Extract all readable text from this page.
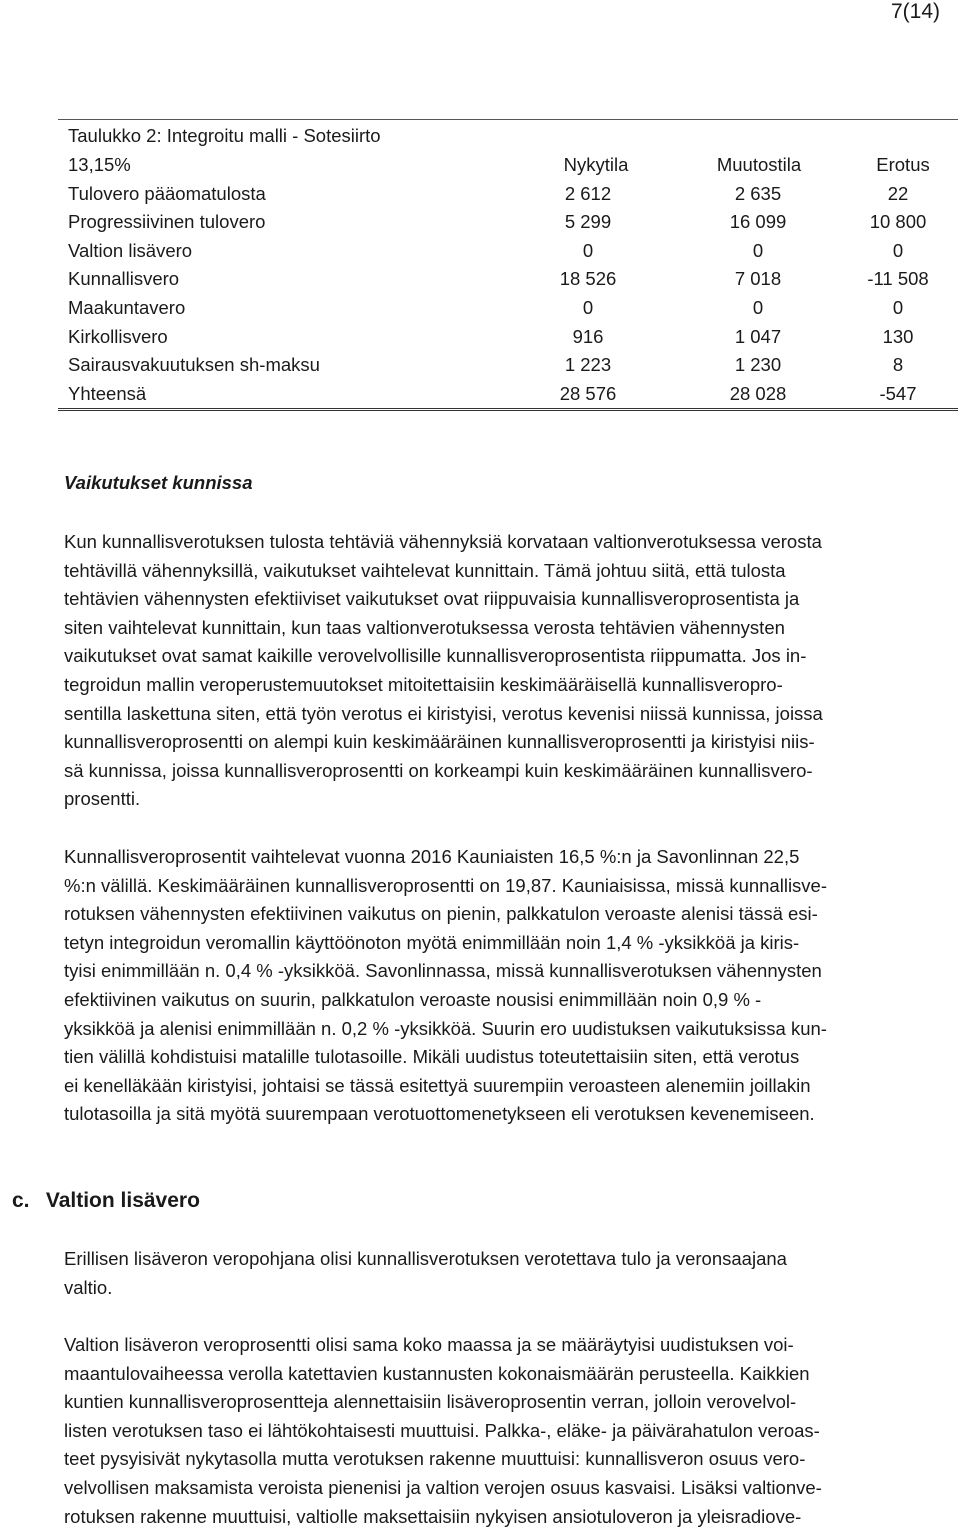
7(14)
Taulukko 2: Integroitu malli - Sotesiirto
13,15%	Nykytila	Muutostila	Erotus
Tulovero pääomatulosta	2 612	2 635	22
Progressiivinen tulovero	5 299	16 099	10 800
Valtion lisävero	0	0	0
Kunnallisvero	18 526	7 018	-11 508
Maakuntavero	0	0	0
Kirkollisvero	916	1 047	130
Sairausvakuutuksen sh-maksu	1 223	1 230	8
Yhteensä	28 576	28 028	-547
Vaikutukset kunnissa

Kun kunnallisverotuksen tulosta tehtäviä vähennyksiä korvataan valtionverotuksessa verosta
tehtävillä vähennyksillä, vaikutukset vaihtelevat kunnittain. Tämä johtuu siitä, että tulosta
tehtävien vähennysten efektiiviset vaikutukset ovat riippuvaisia kunnallisveroprosentista ja
siten vaihtelevat kunnittain, kun taas valtionverotuksessa verosta tehtävien vähennysten
vaikutukset ovat samat kaikille verovelvollisille kunnallisveroprosentista riippumatta. Jos in-
tegroidun mallin veroperustemuutokset mitoitettaisiin keskimääräisellä kunnallisveropro-
sentilla laskettuna siten, että työn verotus ei kiristyisi, verotus kevenisi niissä kunnissa, joissa
kunnallisveroprosentti on alempi kuin keskimääräinen kunnallisveroprosentti ja kiristyisi niis-
sä kunnissa, joissa kunnallisveroprosentti on korkeampi kuin keskimääräinen kunnallisvero-
prosentti.

Kunnallisveroprosentit vaihtelevat vuonna 2016 Kauniaisten 16,5 %:n ja Savonlinnan 22,5
%:n välillä. Keskimääräinen kunnallisveroprosentti on 19,87. Kauniaisissa, missä kunnallisve-
rotuksen vähennysten efektiivinen vaikutus on pienin, palkkatulon veroaste alenisi tässä esi-
tetyn integroidun veromallin käyttöönoton myötä enimmillään noin 1,4 % -yksikköä ja kiris-
tyisi enimmillään n. 0,4 % -yksikköä. Savonlinnassa, missä kunnallisverotuksen vähennysten
efektiivinen vaikutus on suurin, palkkatulon veroaste nousisi enimmillään noin 0,9 % -
yksikköä ja alenisi enimmillään n. 0,2 % -yksikköä. Suurin ero uudistuksen vaikutuksissa kun-
tien välillä kohdistuisi matalille tulotasoille. Mikäli uudistus toteutettaisiin siten, että verotus
ei kenelläkään kiristyisi, johtaisi se tässä esitettyä suurempiin veroasteen alenemiin joillakin
tulotasoilla ja sitä myötä suurempaan verotuottomenetykseen eli verotuksen kevenemiseen.

c. Valtion lisävero

Erillisen lisäveron veropohjana olisi kunnallisverotuksen verotettava tulo ja veronsaajana
valtio.

Valtion lisäveron veroprosentti olisi sama koko maassa ja se määräytyisi uudistuksen voi-
maantulovaiheessa verolla katettavien kustannusten kokonaismäärän perusteella. Kaikkien
kuntien kunnallisveroprosentteja alennettaisiin lisäveroprosentin verran, jolloin verovelvol-
listen verotuksen taso ei lähtökohtaisesti muuttuisi. Palkka-, eläke- ja päivärahatulon veroas-
teet pysyisivät nykytasolla mutta verotuksen rakenne muuttuisi: kunnallisveron osuus vero-
velvollisen maksamista veroista pienenisi ja valtion verojen osuus kasvaisi. Lisäksi valtionve-
rotuksen rakenne muuttuisi, valtiolle maksettaisiin nykyisen ansiotuloveron ja yleisradiove-
